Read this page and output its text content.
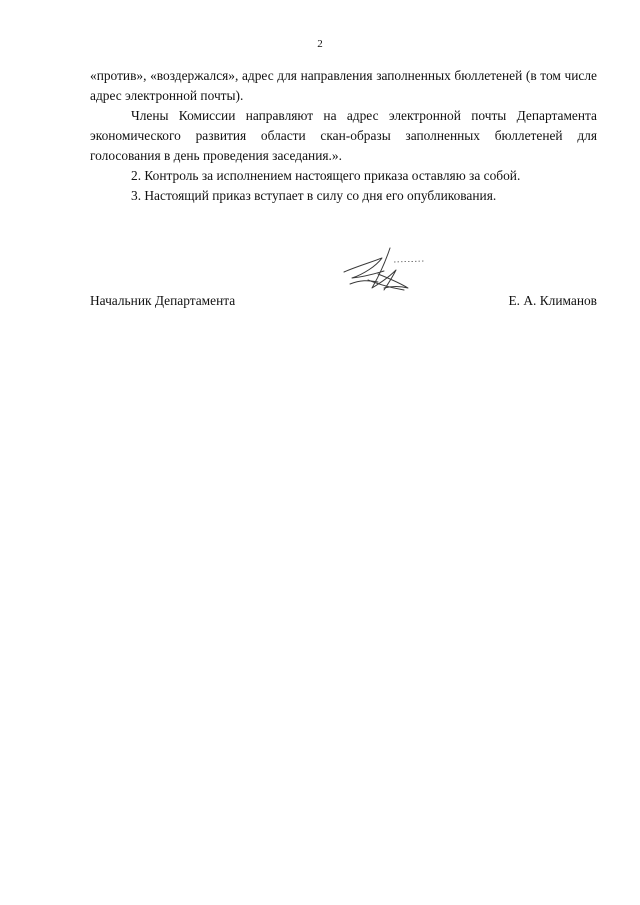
2

«против», «воздержался», адрес для направления заполненных бюллетеней (в том числе адрес электронной почты).

Члены Комиссии направляют на адрес электронной почты Департамента экономического развития области скан-образы заполненных бюллетеней для голосования в день проведения заседания.».

2. Контроль за исполнением настоящего приказа оставляю за собой.

3. Настоящий приказ вступает в силу со дня его опубликования.

Начальник Департамента	Е. А. Климанов
